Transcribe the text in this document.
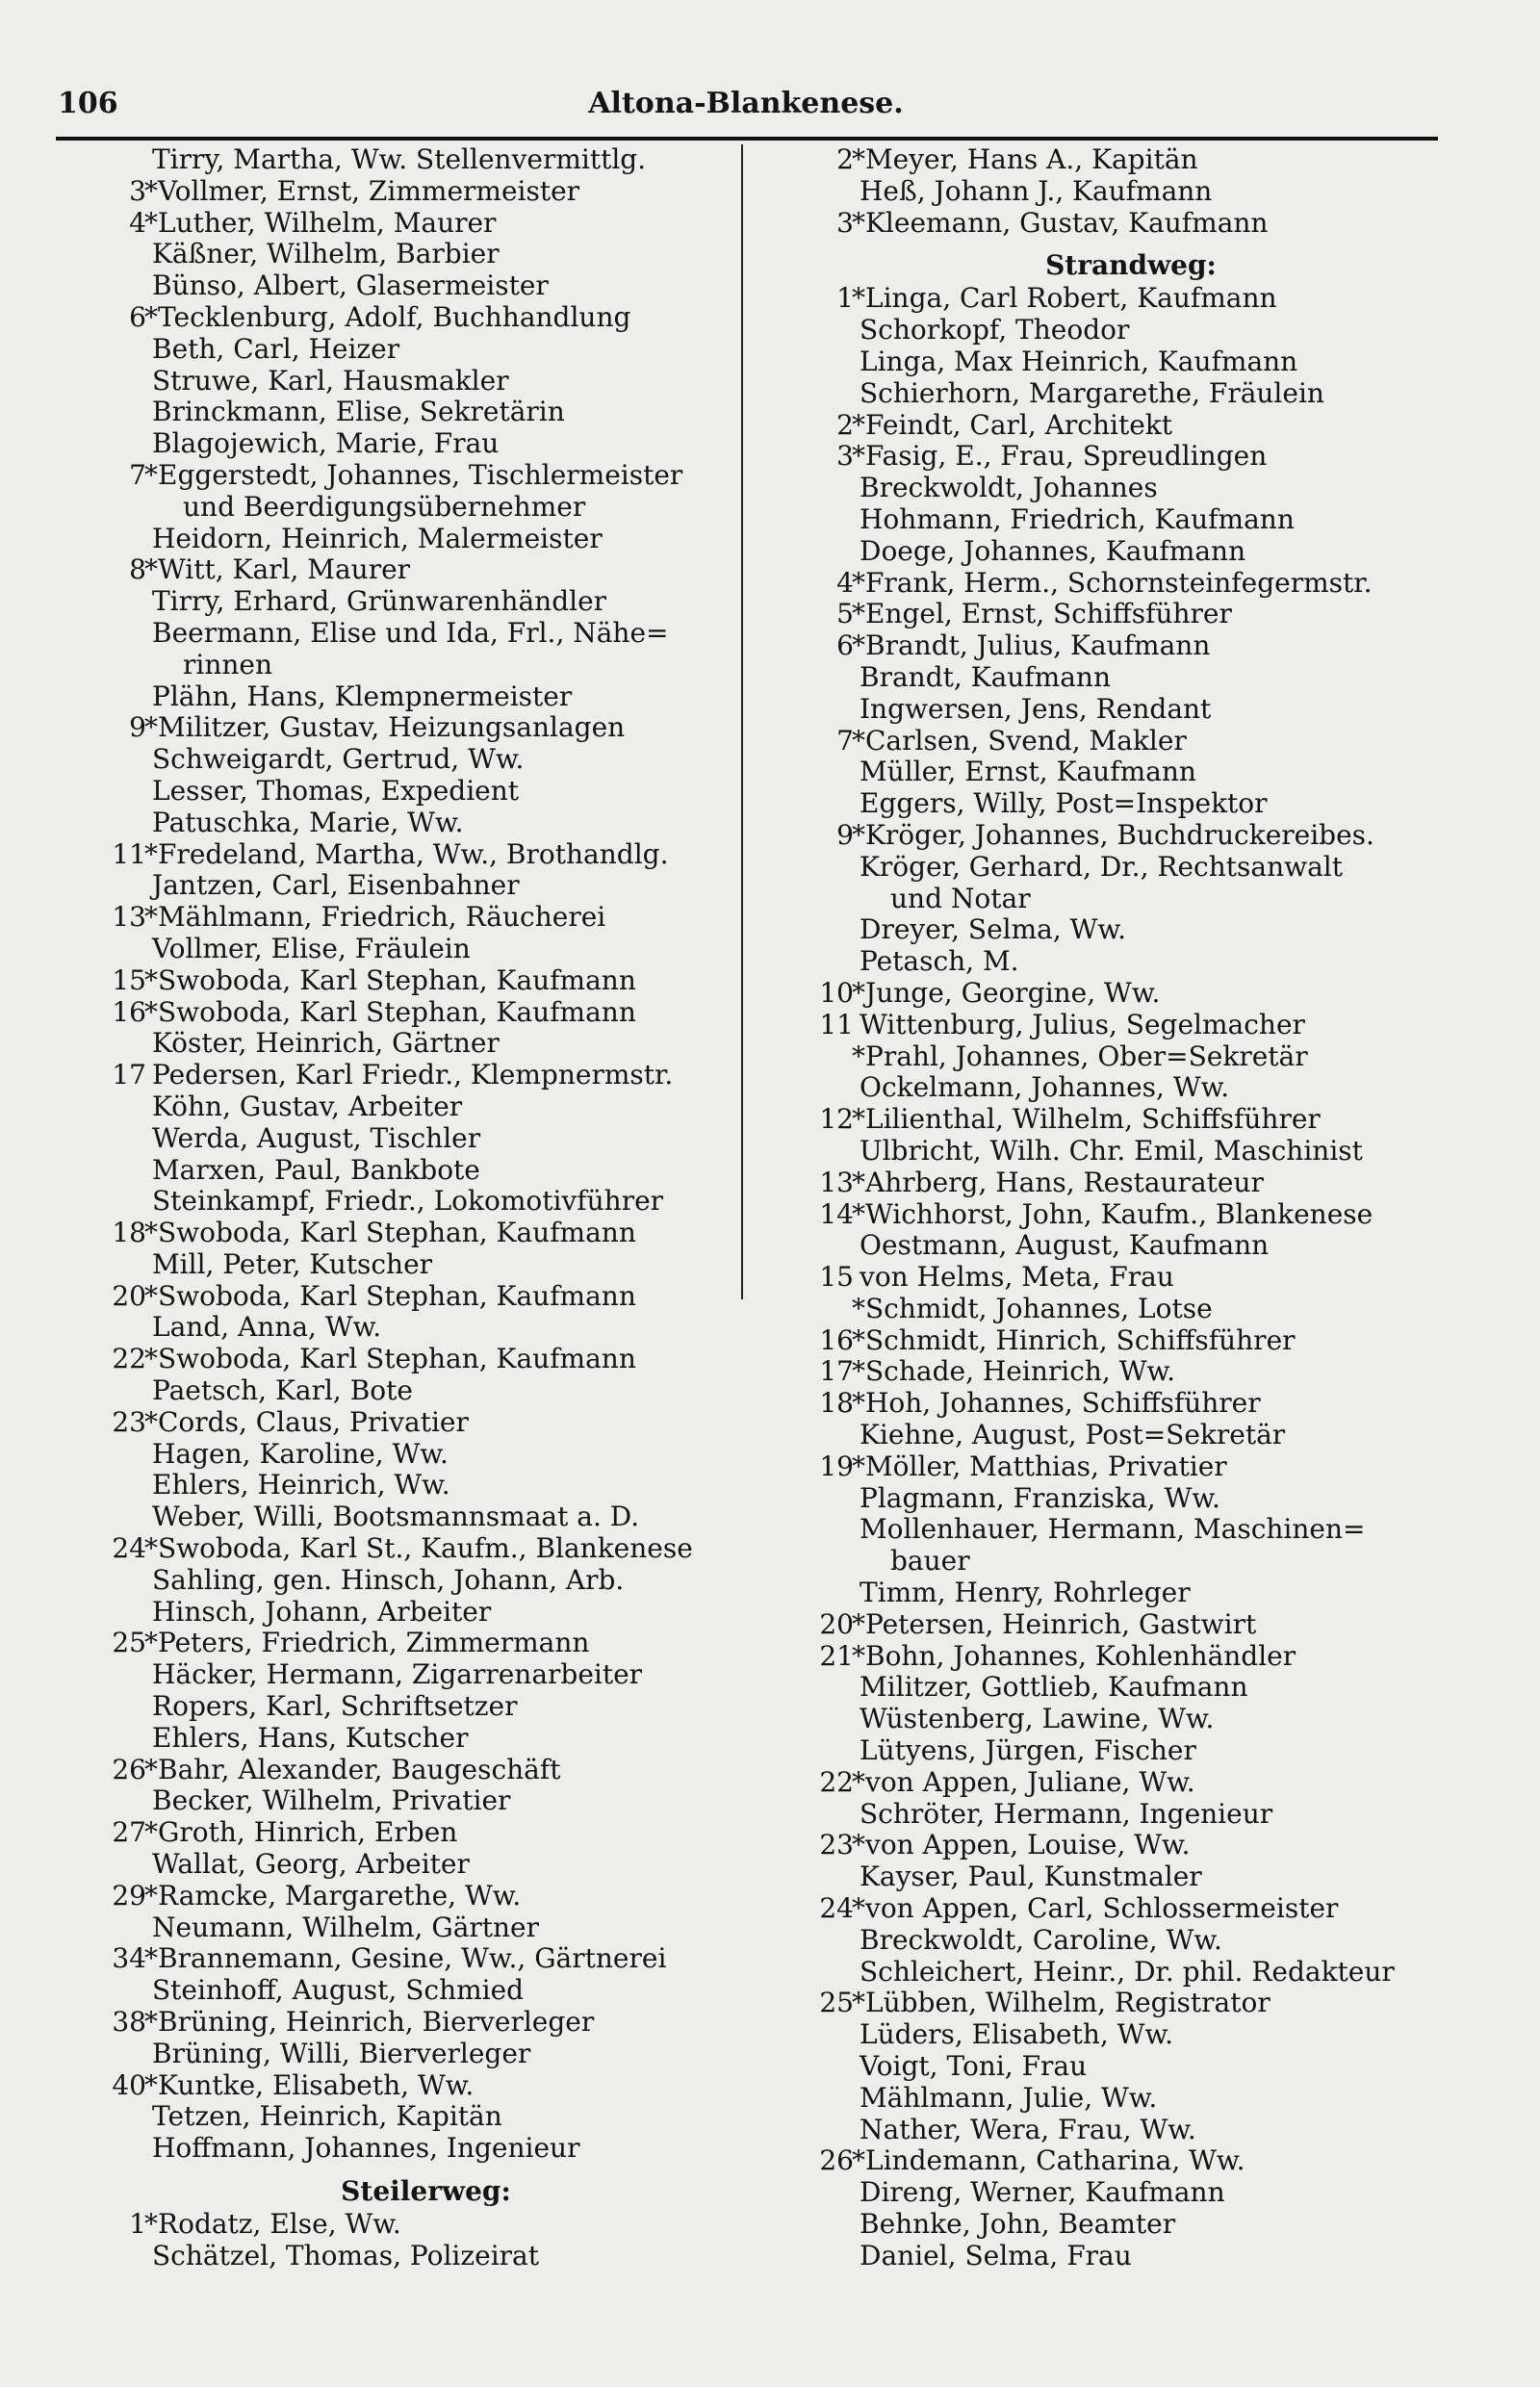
106	Altona‑Blankenese.
Tirry, Martha, Ww. Stellenvermittlg.
3
*Vollmer, Ernst, Zimmermeister
4
*Luther, Wilhelm, Maurer
Käßner, Wilhelm, Barbier
Bünso, Albert, Glasermeister
6
*Tecklenburg, Adolf, Buchhandlung
Beth, Carl, Heizer
Struwe, Karl, Hausmakler
Brinckmann, Elise, Sekretärin
Blagojewich, Marie, Frau
7
*Eggerstedt, Johannes, Tischlermeister
und Beerdigungsübernehmer
Heidorn, Heinrich, Malermeister
8
*Witt, Karl, Maurer
Tirry, Erhard, Grünwarenhändler
Beermann, Elise und Ida, Frl., Nähe=
rinnen
Plähn, Hans, Klempnermeister
9
*Militzer, Gustav, Heizungsanlagen
Schweigardt, Gertrud, Ww.
Lesser, Thomas, Expedient
Patuschka, Marie, Ww.
11
*Fredeland, Martha, Ww., Brothandlg.
Jantzen, Carl, Eisenbahner
13
*Mählmann, Friedrich, Räucherei
Vollmer, Elise, Fräulein
15
*Swoboda, Karl Stephan, Kaufmann
16
*Swoboda, Karl Stephan, Kaufmann
Köster, Heinrich, Gärtner
17 Pedersen, Karl Friedr., Klempnermstr.
Köhn, Gustav, Arbeiter
Werda, August, Tischler
Marxen, Paul, Bankbote
Steinkampf, Friedr., Lokomotivführer
18
*Swoboda, Karl Stephan, Kaufmann
Mill, Peter, Kutscher
20
*Swoboda, Karl Stephan, Kaufmann
Land, Anna, Ww.
22
*Swoboda, Karl Stephan, Kaufmann
Paetsch, Karl, Bote
23
*Cords, Claus, Privatier
Hagen, Karoline, Ww.
Ehlers, Heinrich, Ww.
Weber, Willi, Bootsmannsmaat a. D.
24
*Swoboda, Karl St., Kaufm., Blankenese
Sahling, gen. Hinsch, Johann, Arb.
Hinsch, Johann, Arbeiter
25
*Peters, Friedrich, Zimmermann
Häcker, Hermann, Zigarrenarbeiter
Ropers, Karl, Schriftsetzer
Ehlers, Hans, Kutscher
26
*Bahr, Alexander, Baugeschäft
Becker, Wilhelm, Privatier
27
*Groth, Hinrich, Erben
Wallat, Georg, Arbeiter
29
*Ramcke, Margarethe, Ww.
Neumann, Wilhelm, Gärtner
34
*Brannemann, Gesine, Ww., Gärtnerei
Steinhoff, August, Schmied
38
*Brüning, Heinrich, Bierverleger
Brüning, Willi, Bierverleger
40
*Kuntke, Elisabeth, Ww.
Tetzen, Heinrich, Kapitän
Hoffmann, Johannes, Ingenieur
Steilerweg:
1
*Rodatz, Else, Ww.
Schätzel, Thomas, Polizeirat
2
*Meyer, Hans A., Kapitän
Heß, Johann J., Kaufmann
3
*Kleemann, Gustav, Kaufmann
Strandweg:
1
*Linga, Carl Robert, Kaufmann
Schorkopf, Theodor
Linga, Max Heinrich, Kaufmann
Schierhorn, Margarethe, Fräulein
2
*Feindt, Carl, Architekt
3
*Fasig, E., Frau, Spreudlingen
Breckwoldt, Johannes
Hohmann, Friedrich, Kaufmann
Doege, Johannes, Kaufmann
4
*Frank, Herm., Schornsteinfegermstr.
5
*Engel, Ernst, Schiffsführer
6
*Brandt, Julius, Kaufmann
Brandt, Kaufmann
Ingwersen, Jens, Rendant
7
*Carlsen, Svend, Makler
Müller, Ernst, Kaufmann
Eggers, Willy, Post=Inspektor
9
*Kröger, Johannes, Buchdruckereibes.
Kröger, Gerhard, Dr., Rechtsanwalt
und Notar
Dreyer, Selma, Ww.
Petasch, M.
10
*Junge, Georgine, Ww.
11 Wittenburg, Julius, Segelmacher
*Prahl, Johannes, Ober=Sekretär
Ockelmann, Johannes, Ww.
12
*Lilienthal, Wilhelm, Schiffsführer
Ulbricht, Wilh. Chr. Emil, Maschinist
13
*Ahrberg, Hans, Restaurateur
14
*Wichhorst, John, Kaufm., Blankenese
Oestmann, August, Kaufmann
15 von Helms, Meta, Frau
*Schmidt, Johannes, Lotse
16
*Schmidt, Hinrich, Schiffsführer
17
*Schade, Heinrich, Ww.
18
*Hoh, Johannes, Schiffsführer
Kiehne, August, Post=Sekretär
19
*Möller, Matthias, Privatier
Plagmann, Franziska, Ww.
Mollenhauer, Hermann, Maschinen=
bauer
Timm, Henry, Rohrleger
20
*Petersen, Heinrich, Gastwirt
21
*Bohn, Johannes, Kohlenhändler
Militzer, Gottlieb, Kaufmann
Wüstenberg, Lawine, Ww.
Lütyens, Jürgen, Fischer
22
*von Appen, Juliane, Ww.
Schröter, Hermann, Ingenieur
23
*von Appen, Louise, Ww.
Kayser, Paul, Kunstmaler
24
*von Appen, Carl, Schlossermeister
Breckwoldt, Caroline, Ww.
Schleichert, Heinr., Dr. phil. Redakteur
25
*Lübben, Wilhelm, Registrator
Lüders, Elisabeth, Ww.
Voigt, Toni, Frau
Mählmann, Julie, Ww.
Nather, Wera, Frau, Ww.
26
*Lindemann, Catharina, Ww.
Direng, Werner, Kaufmann
Behnke, John, Beamter
Daniel, Selma, Frau
